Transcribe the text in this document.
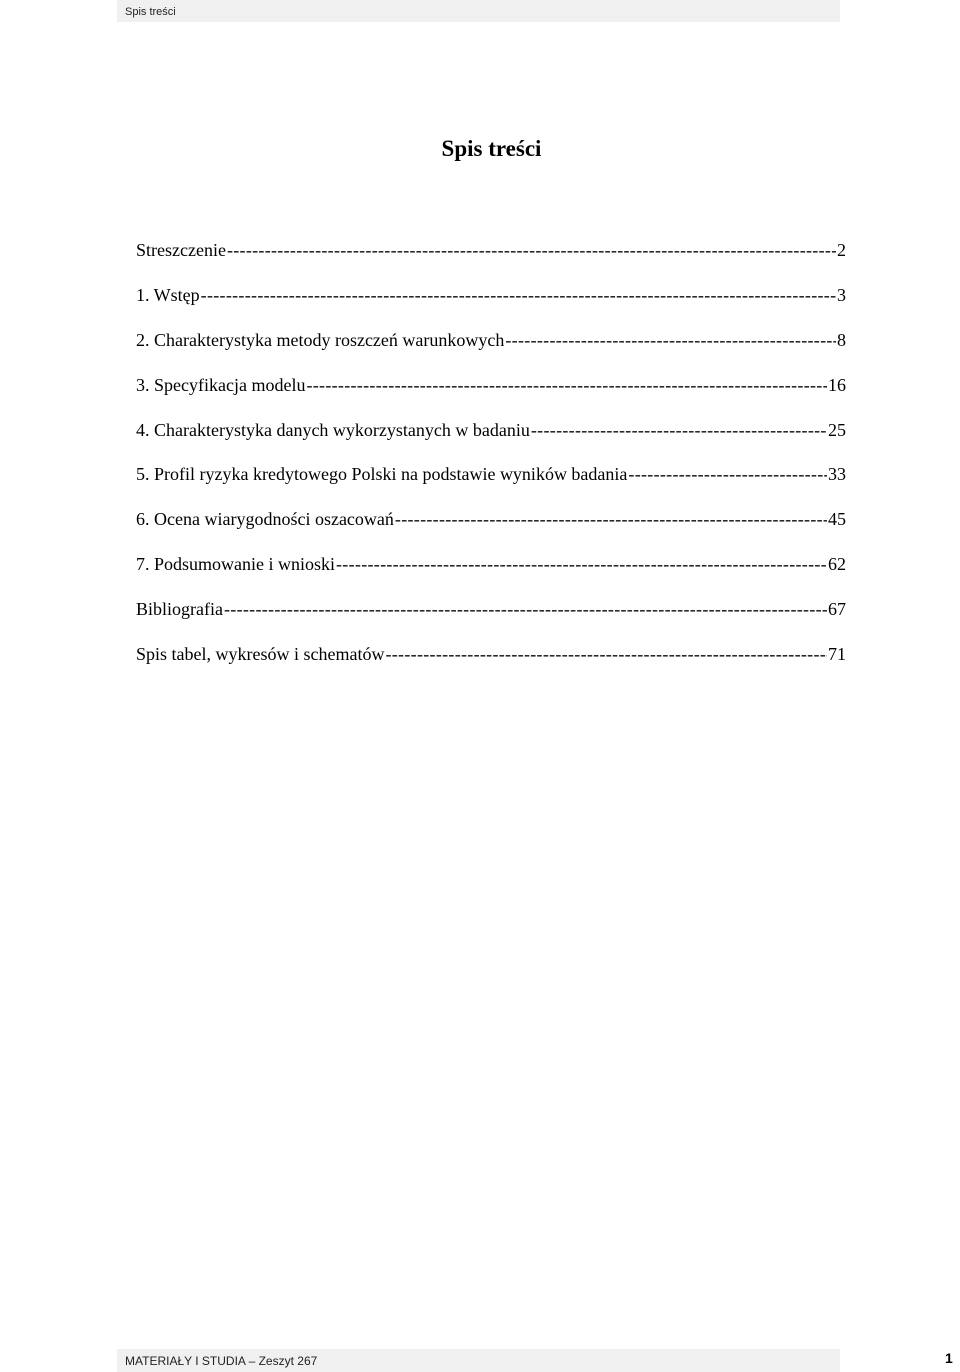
Spis treści
Spis treści
Streszczenie -----	2
1. Wstęp -----	3
2. Charakterystyka metody roszczeń warunkowych -----	8
3. Specyfikacja modelu -----	16
4. Charakterystyka danych wykorzystanych w badaniu -----	25
5. Profil ryzyka kredytowego Polski na podstawie wyników badania -----	33
6. Ocena wiarygodności oszacowań -----	45
7. Podsumowanie i wnioski -----	62
Bibliografia -----	67
Spis tabel, wykresów i schematów -----	71
MATERIAŁY I STUDIA – Zeszyt 267	1
